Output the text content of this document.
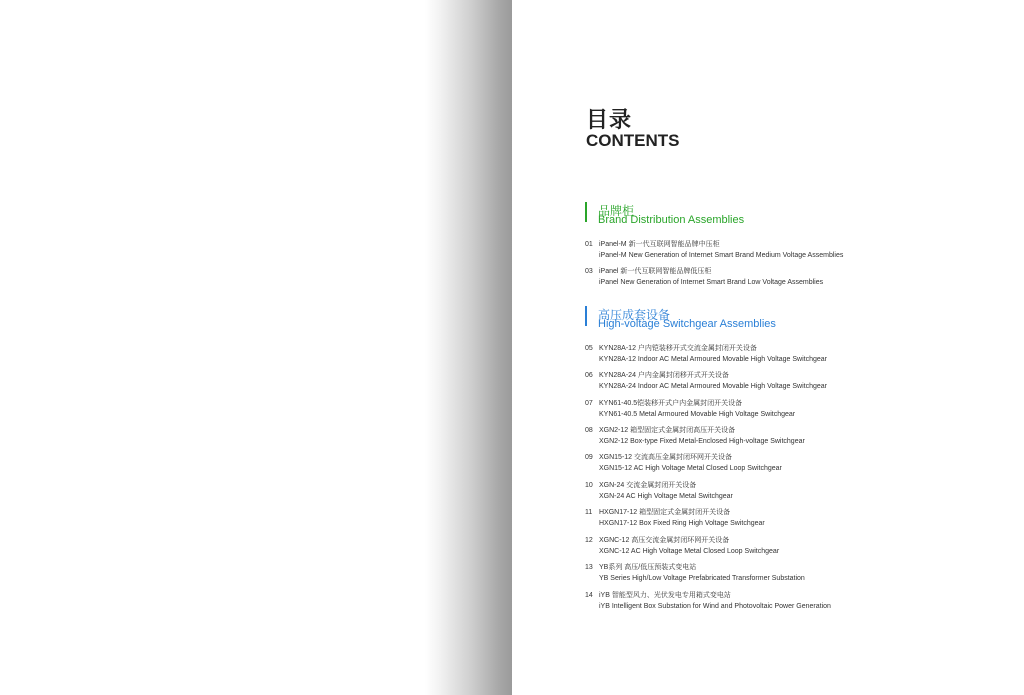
目录
CONTENTS
品牌柜
Brand Distribution Assemblies
01 iPanel-M 新一代互联网智能品牌中压柜
iPanel-M New Generation of Internet Smart Brand Medium Voltage Assemblies
03 iPanel 新一代互联网智能品牌低压柜
iPanel New Generation of Internet Smart Brand Low Voltage Assemblies
高压成套设备
High-voltage Switchgear Assemblies
05 KYN28A-12 户内铠装移开式交流金属封闭开关设备
KYN28A-12 Indoor AC Metal Armoured Movable High Voltage Switchgear
06 KYN28A-24 户内金属封闭移开式开关设备
KYN28A-24 Indoor AC Metal Armoured Movable High Voltage Switchgear
07 KYN61-40.5铠装移开式户内金属封闭开关设备
KYN61-40.5 Metal Armoured Movable High Voltage Switchgear
08 XGN2-12 箱型固定式金属封闭高压开关设备
XGN2-12 Box-type Fixed Metal-Enclosed High-voltage Switchgear
09 XGN15-12 交流高压金属封闭环网开关设备
XGN15-12 AC High Voltage Metal Closed Loop Switchgear
10 XGN-24 交流金属封闭开关设备
XGN-24 AC High Voltage Metal Switchgear
11 HXGN17-12 箱型固定式金属封闭开关设备
HXGN17-12 Box Fixed Ring High Voltage Switchgear
12 XGNC-12 高压交流金属封闭环网开关设备
XGNC-12 AC High Voltage Metal Closed Loop Switchgear
13 YB系列 高压/低压预装式变电站
YB Series High/Low Voltage Prefabricated Transformer Substation
14 iYB 智能型风力、光伏发电专用箱式变电站
iYB Intelligent Box Substation for Wind and Photovoltaic Power Generation
